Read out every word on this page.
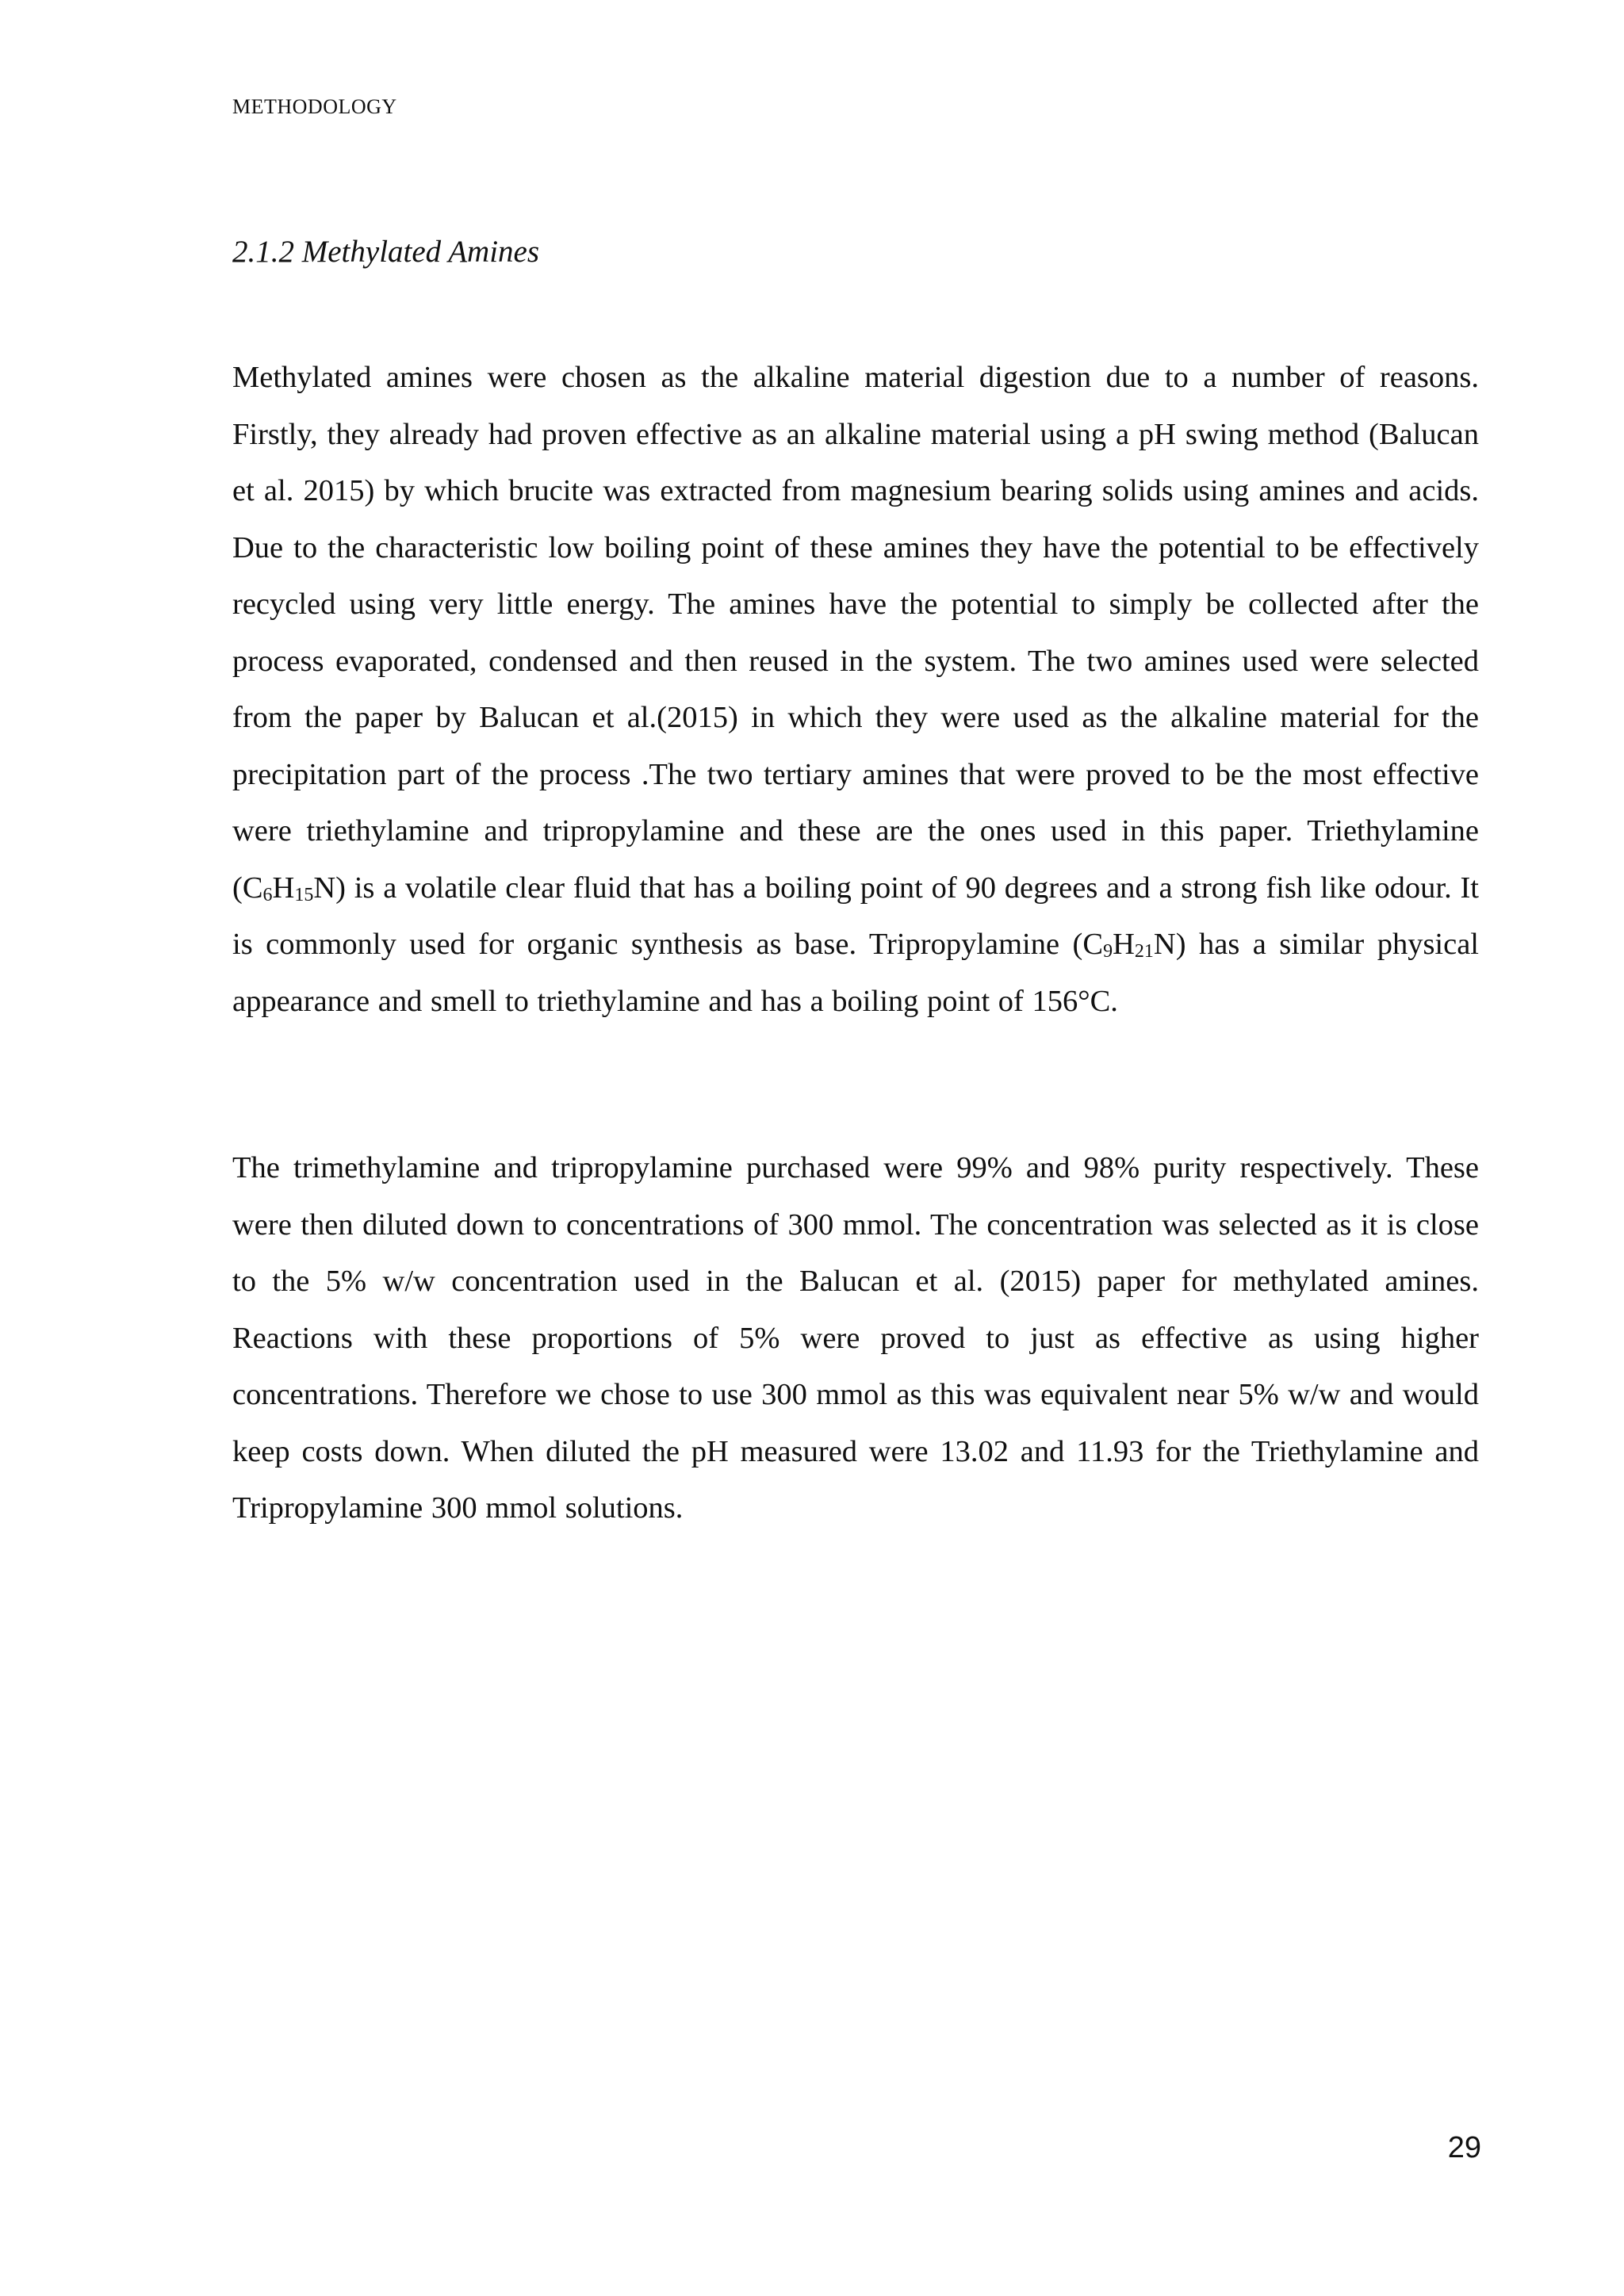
METHODOLOGY
2.1.2 Methylated Amines

Methylated amines were chosen as the alkaline material digestion due to a number of reasons. Firstly, they already had proven effective as an alkaline material using a pH swing method (Balucan et al. 2015) by which brucite was extracted from magnesium bearing solids using amines and acids. Due to the characteristic low boiling point of these amines they have the potential to be effectively recycled using very little energy. The amines have the potential to simply be collected after the process evaporated, condensed and then reused in the system. The two amines used were selected from the paper by Balucan et al.(2015) in which they were used as the alkaline material for the precipitation part of the process .The two tertiary amines that were proved to be the most effective were triethylamine and tripropylamine and these are the ones used in this paper. Triethylamine $(C_6H_{15}N)$ is a volatile clear fluid that has a boiling point of 90 degrees and a strong fish like odour. It is commonly used for organic synthesis as base. Tripropylamine $(C_9H_{21}N)$ has a similar physical appearance and smell to triethylamine and has a boiling point of 156°C.

The trimethylamine and tripropylamine purchased were 99% and 98% purity respectively. These were then diluted down to concentrations of 300 mmol. The concentration was selected as it is close to the 5% w/w concentration used in the Balucan et al. (2015) paper for methylated amines. Reactions with these proportions of 5% were proved to just as effective as using higher concentrations. Therefore we chose to use 300 mmol as this was equivalent near 5% w/w and would keep costs down. When diluted the pH measured were 13.02 and 11.93 for the Triethylamine and Tripropylamine 300 mmol solutions.

29
